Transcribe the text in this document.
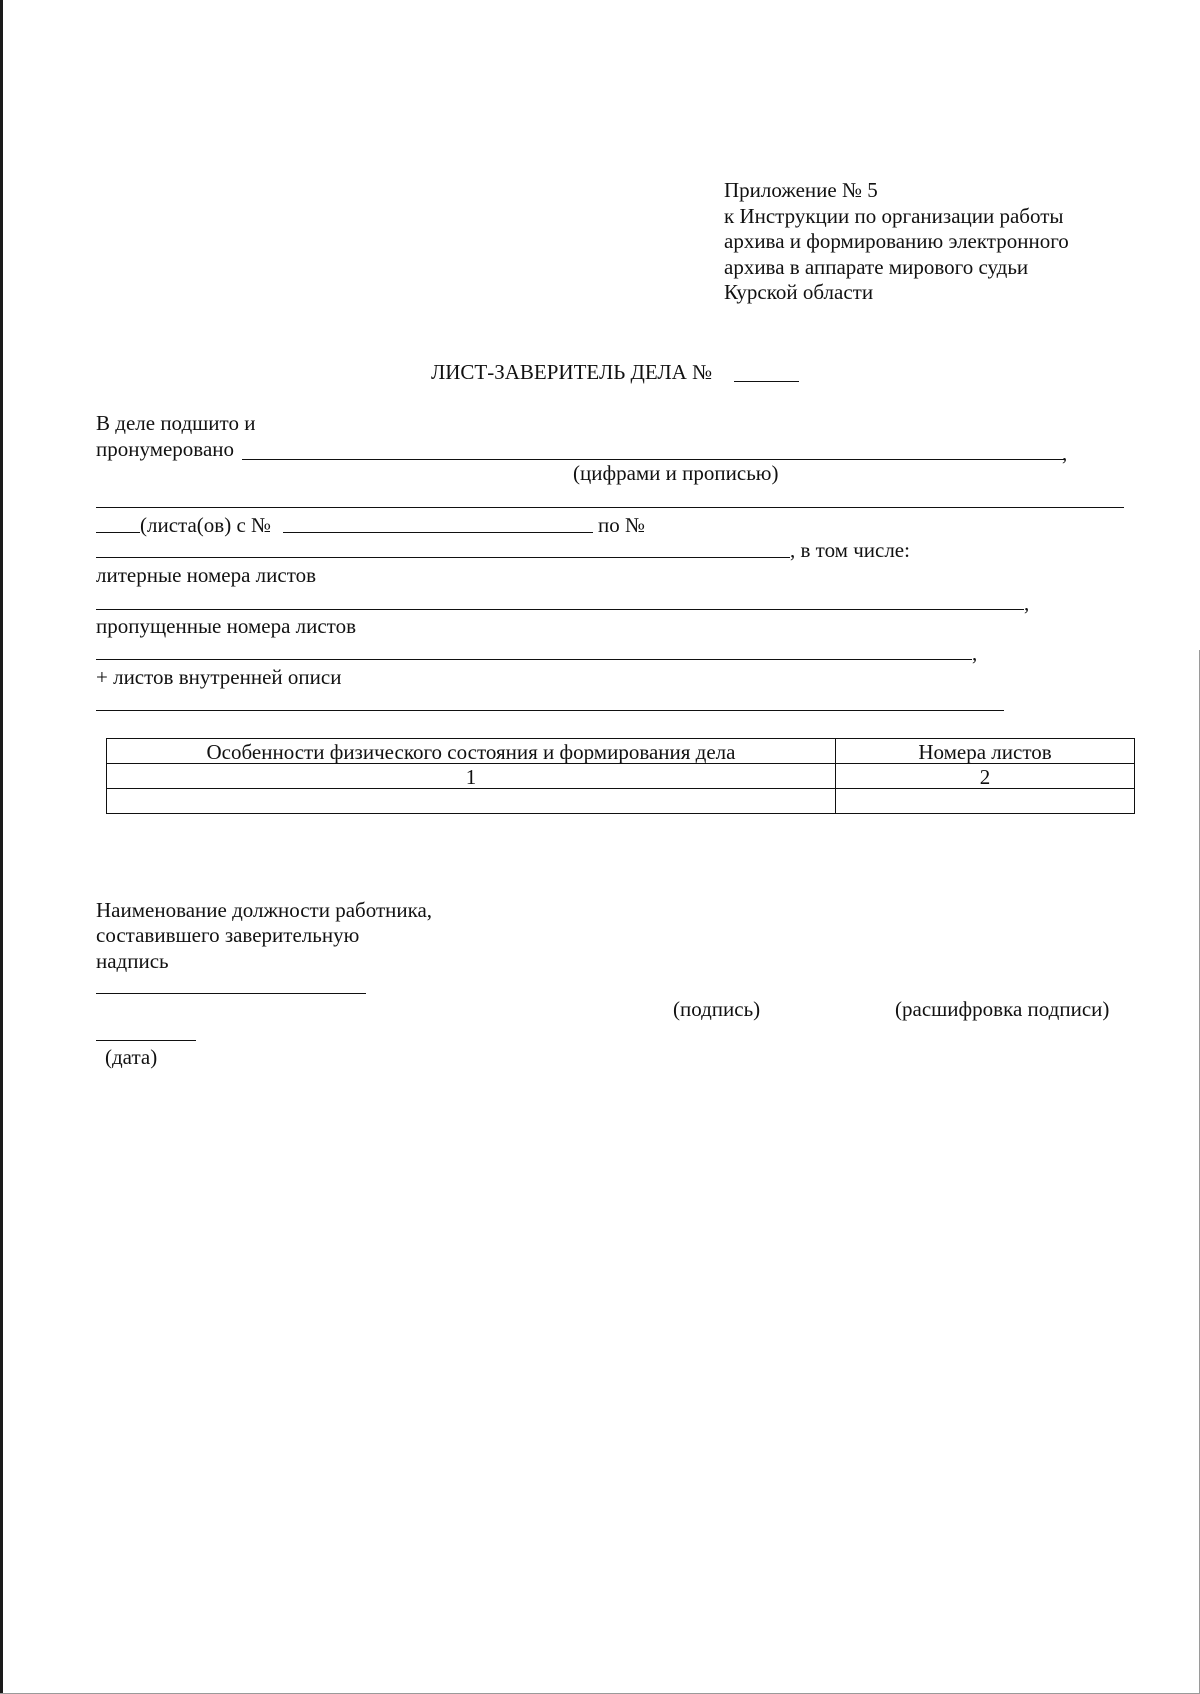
Приложение № 5
к Инструкции по организации работы
архива и формированию электронного
архива в аппарате мирового судьи
Курской области
ЛИСТ-ЗАВЕРИТЕЛЬ ДЕЛА №
В деле подшито и
пронумеровано	,
(цифрами и прописью)
(листа(ов) с №	по №
, в том числе:
литерные номера листов
,
пропущенные номера листов
,
+ листов внутренней описи
Особенности физического состояния и формирования дела	Номера листов
1	2

Наименование должности работника,
составившего заверительную
надпись
(подпись)	(расшифровка подписи)
(дата)
